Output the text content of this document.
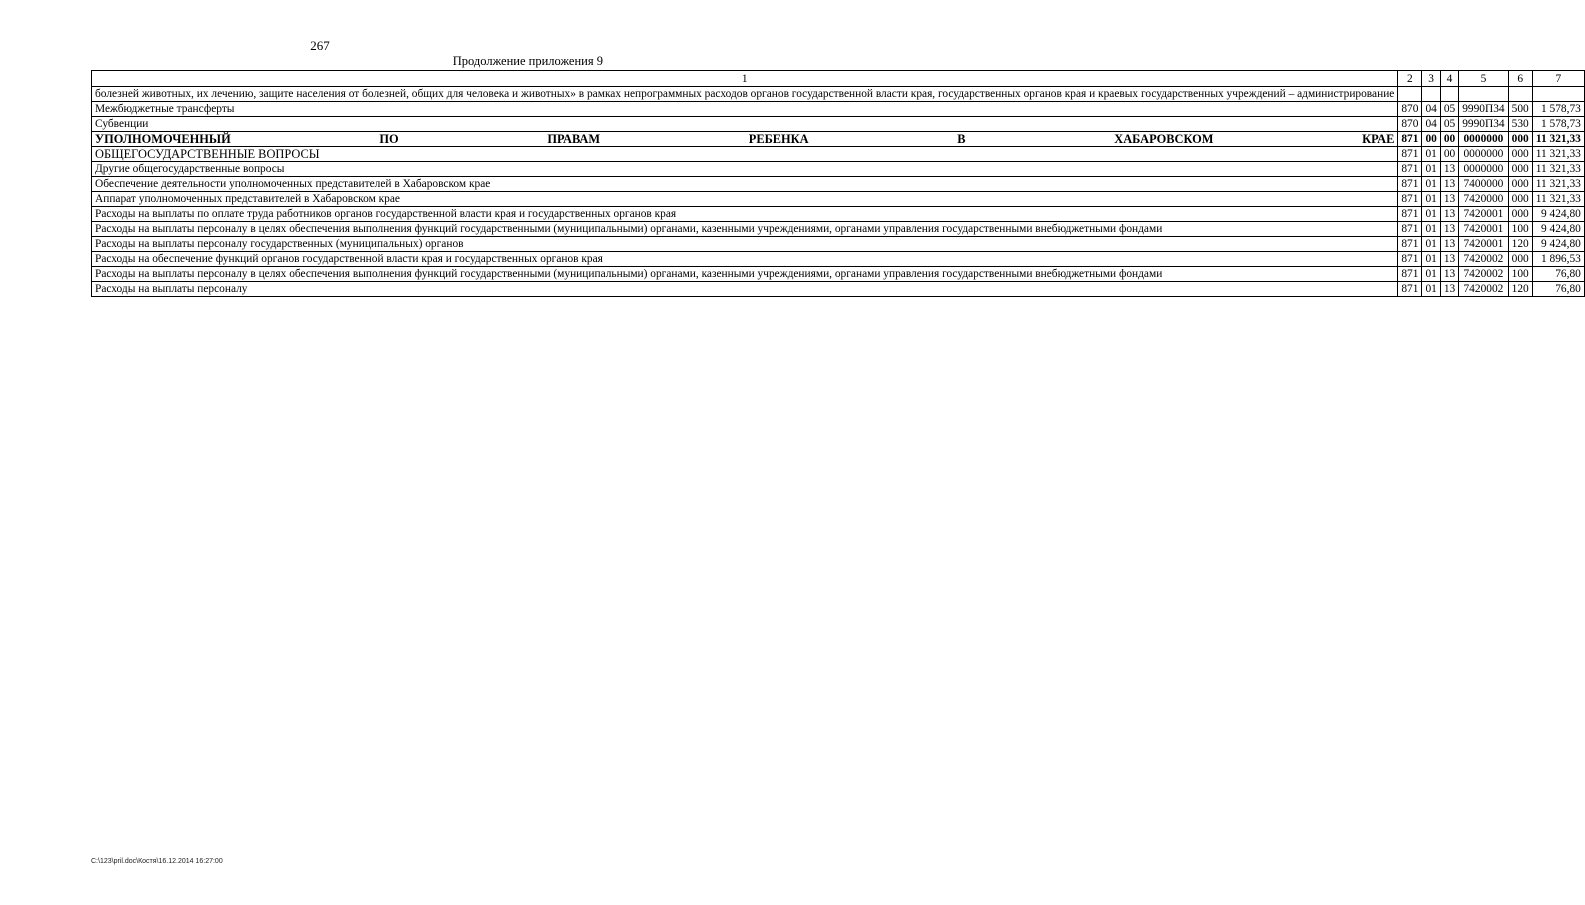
267
Продолжение приложения 9
1	2	3	4	5	6	7
болезней животных, их лечению, защите населения от болезней, общих для человека и животных» в рамках непрограммных расходов органов государственной власти края, государственных органов края и краевых государственных учреждений – администрирование						
Межбюджетные трансферты	870	04	05	9990П34	500	1 578,73
Субвенции	870	04	05	9990П34	530	1 578,73
УПОЛНОМОЧЕННЫЙ ПО ПРАВАМ РЕБЕНКА В ХАБАРОВСКОМ КРАЕ	871	00	00	0000000	000	11 321,33
ОБЩЕГОСУДАРСТВЕННЫЕ ВОПРОСЫ	871	01	00	0000000	000	11 321,33
Другие общегосударственные вопросы	871	01	13	0000000	000	11 321,33
Обеспечение деятельности уполномоченных представителей в Хабаровском крае	871	01	13	7400000	000	11 321,33
Аппарат уполномоченных представителей в Хабаровском крае	871	01	13	7420000	000	11 321,33
Расходы на выплаты по оплате труда работников органов государственной власти края и государственных органов края	871	01	13	7420001	000	9 424,80
Расходы на выплаты персоналу в целях обеспечения выполнения функций государственными (муниципальными) органами, казенными учреждениями, органами управления государственными внебюджетными фондами	871	01	13	7420001	100	9 424,80
Расходы на выплаты персоналу государственных (муниципальных) органов	871	01	13	7420001	120	9 424,80
Расходы на обеспечение функций органов государственной власти края и государственных органов края	871	01	13	7420002	000	1 896,53
Расходы на выплаты персоналу в целях обеспечения выполнения функций государственными (муниципальными) органами, казенными учреждениями, органами управления государственными внебюджетными фондами	871	01	13	7420002	100	76,80
Расходы на выплаты персоналу	871	01	13	7420002	120	76,80
C:\123\pril.doc\Костя\16.12.2014 16:27:00
